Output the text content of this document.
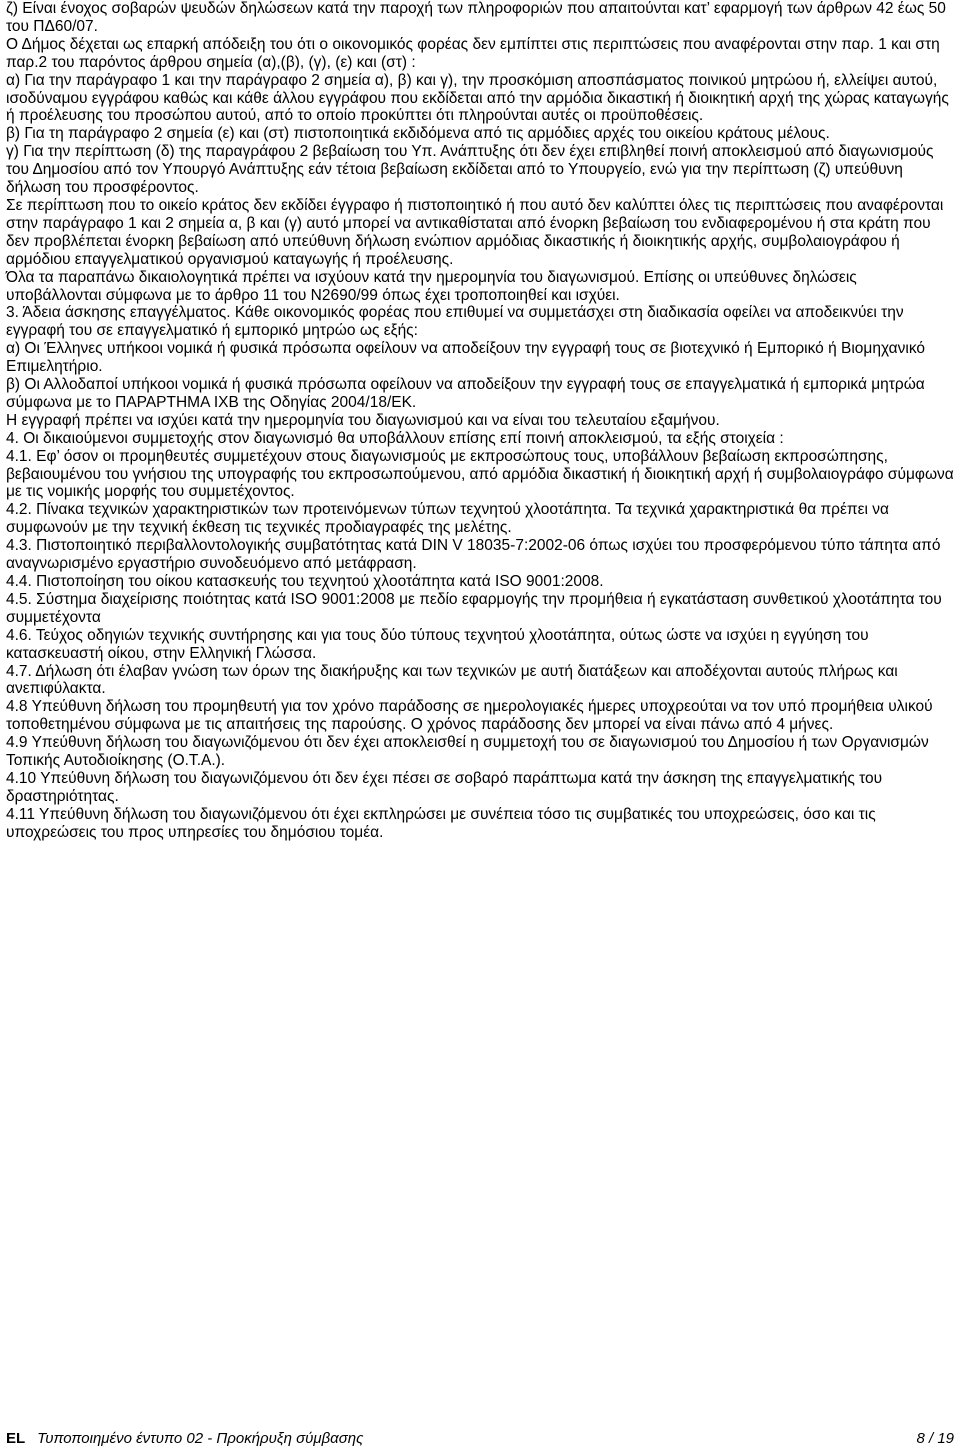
ζ) Είναι ένοχος σοβαρών ψευδών δηλώσεων κατά την παροχή των πληροφοριών που απαιτούνται κατ’ εφαρμογή των άρθρων 42 έως 50 του ΠΔ60/07.

Ο Δήμος δέχεται ως επαρκή απόδειξη του ότι ο οικονομικός φορέας δεν εμπίπτει στις περιπτώσεις που αναφέρονται στην παρ. 1 και στη παρ.2 του παρόντος άρθρου σημεία (α),(β), (γ), (ε) και (στ) :

α) Για την παράγραφο 1 και την παράγραφο 2 σημεία α), β) και γ), την προσκόμιση αποσπάσματος ποινικού μητρώου ή, ελλείψει αυτού, ισοδύναμου εγγράφου καθώς και κάθε άλλου εγγράφου που εκδίδεται από την αρμόδια δικαστική ή διοικητική αρχή της χώρας καταγωγής ή προέλευσης του προσώπου αυτού, από το οποίο προκύπτει ότι πληρούνται αυτές οι προϋποθέσεις.

β) Για τη παράγραφο 2 σημεία (ε) και (στ) πιστοποιητικά εκδιδόμενα από τις αρμόδιες αρχές του οικείου κράτους μέλους.

γ) Για την περίπτωση (δ) της παραγράφου 2 βεβαίωση του Υπ. Ανάπτυξης ότι δεν έχει επιβληθεί ποινή αποκλεισμού από διαγωνισμούς του Δημοσίου από τον Υπουργό Ανάπτυξης εάν τέτοια βεβαίωση εκδίδεται από το Υπουργείο, ενώ για την περίπτωση (ζ) υπεύθυνη δήλωση του προσφέροντος.

Σε περίπτωση που το οικείο κράτος δεν εκδίδει έγγραφο ή πιστοποιητικό ή που αυτό δεν καλύπτει όλες τις περιπτώσεις που αναφέρονται στην παράγραφο 1 και 2 σημεία α, β και (γ) αυτό μπορεί να αντικαθίσταται από ένορκη βεβαίωση του ενδιαφερομένου ή στα κράτη που δεν προβλέπεται ένορκη βεβαίωση από υπεύθυνη δήλωση ενώπιον αρμόδιας δικαστικής ή διοικητικής αρχής, συμβολαιογράφου ή αρμόδιου επαγγελματικού οργανισμού καταγωγής ή προέλευσης.

Όλα τα παραπάνω δικαιολογητικά πρέπει να ισχύουν κατά την ημερομηνία του διαγωνισμού. Επίσης οι υπεύθυνες δηλώσεις υποβάλλονται σύμφωνα με το άρθρο 11 του Ν2690/99 όπως έχει τροποποιηθεί και ισχύει.

3. Άδεια άσκησης επαγγέλματος. Κάθε οικονομικός φορέας που επιθυμεί να συμμετάσχει στη διαδικασία οφείλει να αποδεικνύει την εγγραφή του σε επαγγελματικό ή εμπορικό μητρώο ως εξής:

α) Οι Έλληνες υπήκοοι νομικά ή φυσικά πρόσωπα οφείλουν να αποδείξουν την εγγραφή τους σε βιοτεχνικό ή Εμπορικό ή Βιομηχανικό Επιμελητήριο.

β) Οι Αλλοδαποί υπήκοοι νομικά ή φυσικά πρόσωπα οφείλουν να αποδείξουν την εγγραφή τους σε επαγγελματικά ή εμπορικά μητρώα σύμφωνα με το ΠΑΡΑΡΤΗΜΑ ΙΧΒ της Οδηγίας 2004/18/ΕΚ.

Η εγγραφή πρέπει να ισχύει κατά την ημερομηνία του διαγωνισμού και να είναι του τελευταίου εξαμήνου.

4. Οι δικαιούμενοι συμμετοχής στον διαγωνισμό θα υποβάλλουν επίσης επί ποινή αποκλεισμού, τα εξής στοιχεία :

4.1. Εφ’ όσον οι προμηθευτές συμμετέχουν στους διαγωνισμούς με εκπροσώπους τους, υποβάλλουν βεβαίωση εκπροσώπησης, βεβαιουμένου του γνήσιου της υπογραφής του εκπροσωπούμενου, από αρμόδια δικαστική ή διοικητική αρχή ή συμβολαιογράφο σύμφωνα με τις νομικής μορφής του συμμετέχοντος.

4.2. Πίνακα τεχνικών χαρακτηριστικών των προτεινόμενων τύπων τεχνητού χλοοτάπητα. Τα τεχνικά χαρακτηριστικά θα πρέπει να συμφωνούν με την τεχνική έκθεση τις τεχνικές προδιαγραφές της μελέτης.

4.3. Πιστοποιητικό περιβαλλοντολογικής συμβατότητας κατά DIN V 18035-7:2002-06 όπως ισχύει του προσφερόμενου τύπο τάπητα από αναγνωρισμένο εργαστήριο συνοδευόμενο από μετάφραση.

4.4. Πιστοποίηση του οίκου κατασκευής του τεχνητού χλοοτάπητα κατά ISO 9001:2008.

4.5. Σύστημα διαχείρισης ποιότητας κατά ISO 9001:2008 με πεδίο εφαρμογής την προμήθεια ή εγκατάσταση συνθετικού χλοοτάπητα του συμμετέχοντα

4.6. Τεύχος οδηγιών τεχνικής συντήρησης και για τους δύο τύπους τεχνητού χλοοτάπητα, ούτως ώστε να ισχύει η εγγύηση του κατασκευαστή οίκου, στην Ελληνική Γλώσσα.

4.7. Δήλωση ότι έλαβαν γνώση των όρων της διακήρυξης και των τεχνικών με αυτή διατάξεων και αποδέχονται αυτούς πλήρως και ανεπιφύλακτα.

4.8 Υπεύθυνη δήλωση του προμηθευτή για τον χρόνο παράδοσης σε ημερολογιακές ήμερες υποχρεούται να τον υπό προμήθεια υλικού τοποθετημένου σύμφωνα με τις απαιτήσεις της παρούσης. Ο χρόνος παράδοσης δεν μπορεί να είναι πάνω από 4 μήνες.

4.9 Υπεύθυνη δήλωση του διαγωνιζόμενου ότι δεν έχει αποκλεισθεί η συμμετοχή του σε διαγωνισμού του Δημοσίου ή των Οργανισμών Τοπικής Αυτοδιοίκησης (Ο.Τ.Α.).

4.10 Υπεύθυνη δήλωση του διαγωνιζόμενου ότι δεν έχει πέσει σε σοβαρό παράπτωμα κατά την άσκηση της επαγγελματικής του δραστηριότητας.

4.11 Υπεύθυνη δήλωση του διαγωνιζόμενου ότι έχει εκπληρώσει με συνέπεια τόσο τις συμβατικές του υποχρεώσεις, όσο και τις υποχρεώσεις του προς υπηρεσίες του δημόσιου τομέα.

EL Τυποποιημένο έντυπο 02 - Προκήρυξη σύμβασης	8 / 19
